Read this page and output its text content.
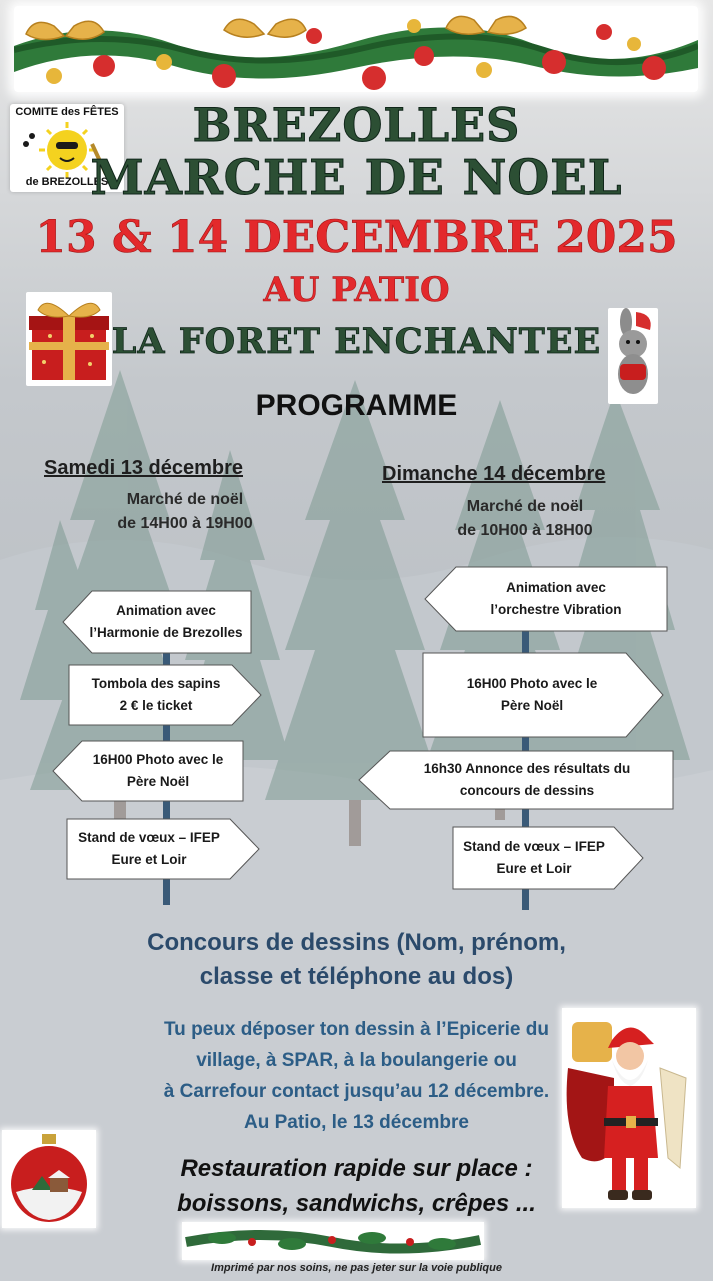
COMITE des FÊTES
de BREZOLLES
BREZOLLES
MARCHE DE NOEL
13 & 14 DECEMBRE 2025
AU PATIO
LA FORET ENCHANTEE
PROGRAMME
Samedi 13 décembre
Marché de noël
de 14H00 à 19H00
Animation avec
l’Harmonie de Brezolles
Tombola des sapins
2 € le ticket
16H00 Photo avec le
Père Noël
Stand de vœux – IFEP
Eure et Loir
Dimanche 14 décembre
Marché de noël
de 10H00 à 18H00
Animation avec
l’orchestre Vibration
16H00 Photo avec le
Père Noël
16h30 Annonce des résultats du
concours de dessins
Stand de vœux – IFEP
Eure et Loir
Concours de dessins (Nom, prénom,
classe et téléphone au dos)
Tu peux déposer ton dessin à l’Epicerie du
village, à SPAR, à la boulangerie ou
à Carrefour contact jusqu’au 12 décembre.
Au Patio, le 13 décembre
Restauration rapide sur place :
boissons, sandwichs, crêpes ...
Imprimé par nos soins, ne pas jeter sur la voie publique
